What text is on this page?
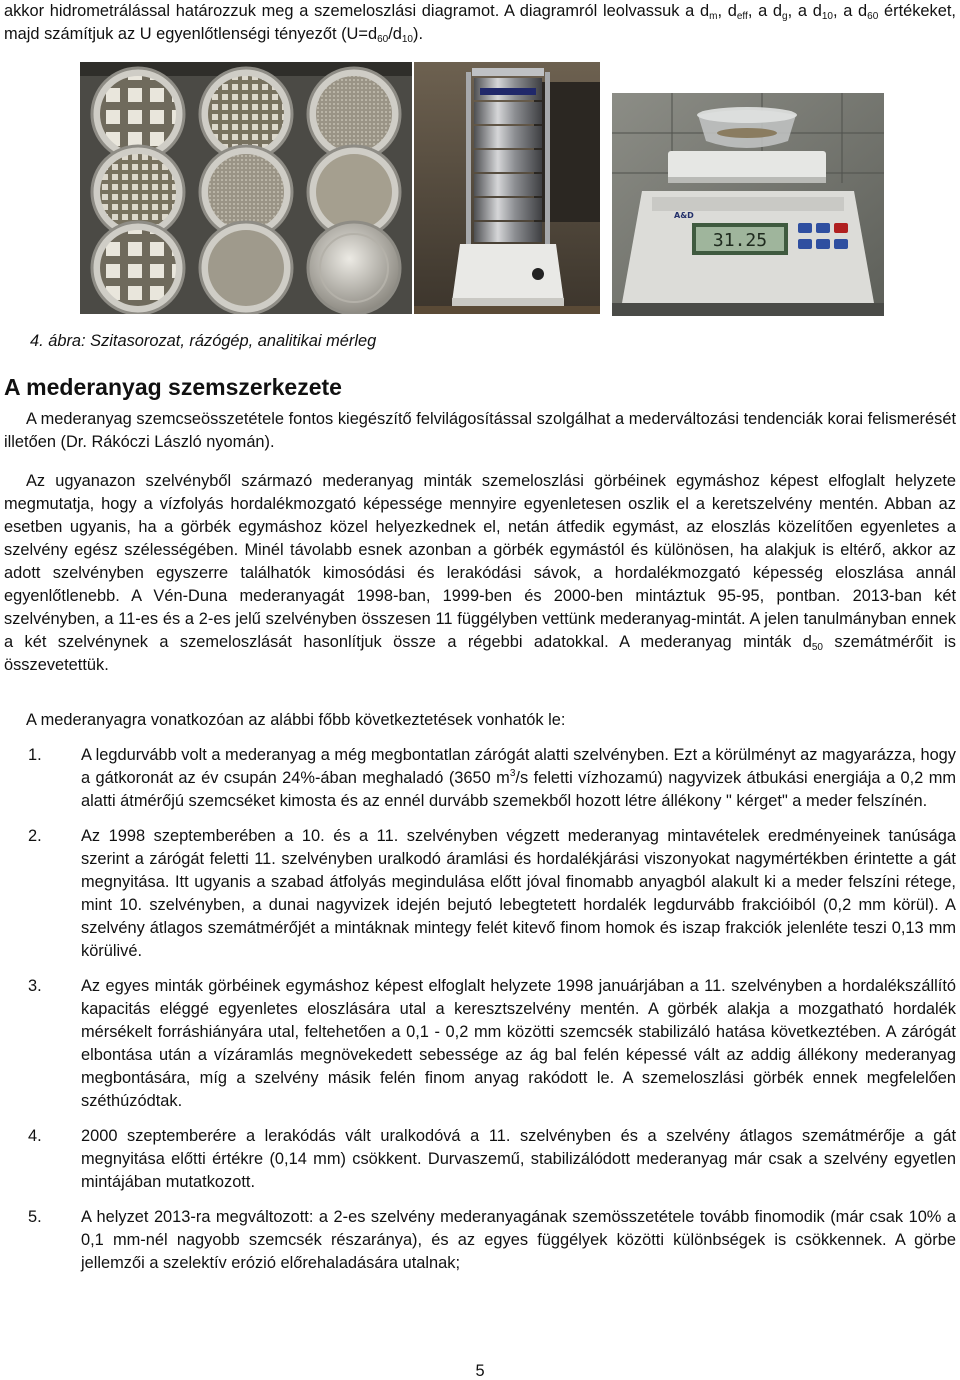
akkor hidrometrálással határozzuk meg a szemeloszlási diagramot. A diagramról leolvassuk a $d_m$, $d_{eff}$, a $d_g$, a $d_{10}$, a $d_{60}$ értékeket, majd számítjuk az U egyenlőtlenségi tényezőt $(U=d_{60}/d_{10})$.

31.25
A&D

4. ábra: Szitasorozat, rázógép, analitikai mérleg

A mederanyag szemszerkezete

A mederanyag szemcseösszetétele fontos kiegészítő felvilágosítással szolgálhat a mederváltozási tendenciák korai felismerését illetően (Dr. Rákóczi László nyomán).

Az ugyanazon szelvényből származó mederanyag minták szemeloszlási görbéinek egymáshoz képest elfoglalt helyzete megmutatja, hogy a vízfolyás hordalékmozgató képessége mennyire egyenletesen oszlik el a keretszelvény mentén. Abban az esetben ugyanis, ha a görbék egymáshoz közel helyezkednek el, netán átfedik egymást, az eloszlás közelítően egyenletes a szelvény egész szélességében. Minél távolabb esnek azonban a görbék egymástól és különösen, ha alakjuk is eltérő, akkor az adott szelvényben egyszerre találhatók kimosódási és lerakódási sávok, a hordalékmozgató képesség eloszlása annál egyenlőtlenebb. A Vén-Duna mederanyagát 1998-ban, 1999-ben és 2000-ben mintáztuk 95-95, pontban. 2013-ban két szelvényben, a 11-es és a 2-es jelű szelvényben összesen 11 függélyben vettünk mederanyag-mintát. A jelen tanulmányban ennek a két szelvénynek a szemeloszlását hasonlítjuk össze a régebbi adatokkal. A mederanyag minták $d_{50}$ szemátmérőit is összevetettük.

A mederanyagra vonatkozóan az alábbi főbb következtetések vonhatók le:

1. A legdurvább volt a mederanyag a még megbontatlan zárógát alatti szelvényben. Ezt a körülményt az magyarázza, hogy a gátkoronát az év csupán 24%-ában meghaladó (3650 $m^3/s$ feletti vízhozamú) nagyvizek átbukási energiája a 0,2 mm alatti átmérőjú szemcséket kimosta és az ennél durvább szemekből hozott létre állékony " kérget" a meder felszínén.
2. Az 1998 szeptemberében a 10. és a 11. szelvényben végzett mederanyag mintavételek eredményeinek tanúsága szerint a zárógát feletti 11. szelvényben uralkodó áramlási és hordalékjárási viszonyokat nagymértékben érintette a gát megnyitása. Itt ugyanis a szabad átfolyás megindulása előtt jóval finomabb anyagból alakult ki a meder felszíni rétege, mint 10. szelvényben, a dunai nagyvizek idején bejutó lebegtetett hordalék legdurvább frakcióiból (0,2 mm körül). A szelvény átlagos szemátmérőjét a mintáknak mintegy felét kitevő finom homok és iszap frakciók jelenléte teszi 0,13 mm körülivé.
3. Az egyes minták görbéinek egymáshoz képest elfoglalt helyzete 1998 januárjában a 11. szelvényben a hordalékszállító kapacitás eléggé egyenletes eloszlására utal a keresztszelvény mentén. A görbék alakja a mozgatható hordalék mérsékelt forráshiányára utal, feltehetően a 0,1 - 0,2 mm közötti szemcsék stabilizáló hatása következtében. A zárógát elbontása után a vízáramlás megnövekedett sebessége az ág bal felén képessé vált az addig állékony mederanyag megbontására, míg a szelvény másik felén finom anyag rakódott le. A szemeloszlási görbék ennek megfelelően széthúzódtak.
4. 2000 szeptemberére a lerakódás vált uralkodóvá a 11. szelvényben és a szelvény átlagos szemátmérője a gát megnyitása előtti értékre (0,14 mm) csökkent. Durvaszemű, stabilizálódott mederanyag már csak a szelvény egyetlen mintájában mutatkozott.
5. A helyzet 2013-ra megváltozott: a 2-es szelvény mederanyagának szemösszetétele tovább finomodik (már csak 10% a 0,1 mm-nél nagyobb szemcsék részaránya), és az egyes függélyek közötti különbségek is csökkennek. A görbe jellemzői a szelektív erózió előrehaladására utalnak;
5
